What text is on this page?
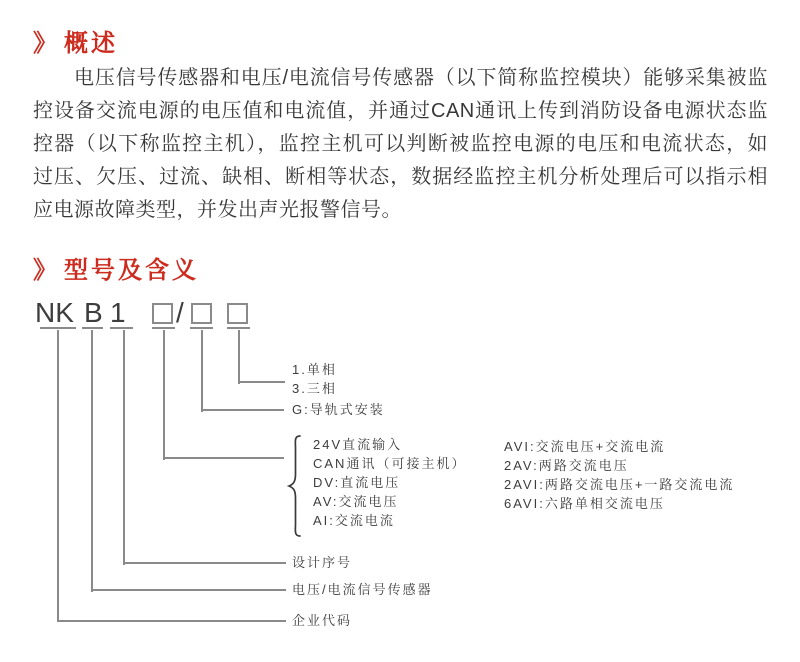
》 概述
电压信号传感器和电压/电流信号传感器（以下简称监控模块）能够采集被监
控设备交流电源的电压值和电流值，并通过CAN通讯上传到消防设备电源状态监
控器（以下称监控主机），监控主机可以判断被监控电源的电压和电流状态，如
过压、欠压、过流、缺相、断相等状态，数据经监控主机分析处理后可以指示相
应电源故障类型，并发出声光报警信号。
》 型号及含义
NK B 1 /
1.单相
3.三相
G:导轨式安装
24V直流输入
CAN通讯（可接主机）
DV:直流电压
AV:交流电压
AI:交流电流
AVI:交流电压+交流电流
2AV:两路交流电压
2AVI:两路交流电压+一路交流电流
6AVI:六路单相交流电压
设计序号
电压/电流信号传感器
企业代码
